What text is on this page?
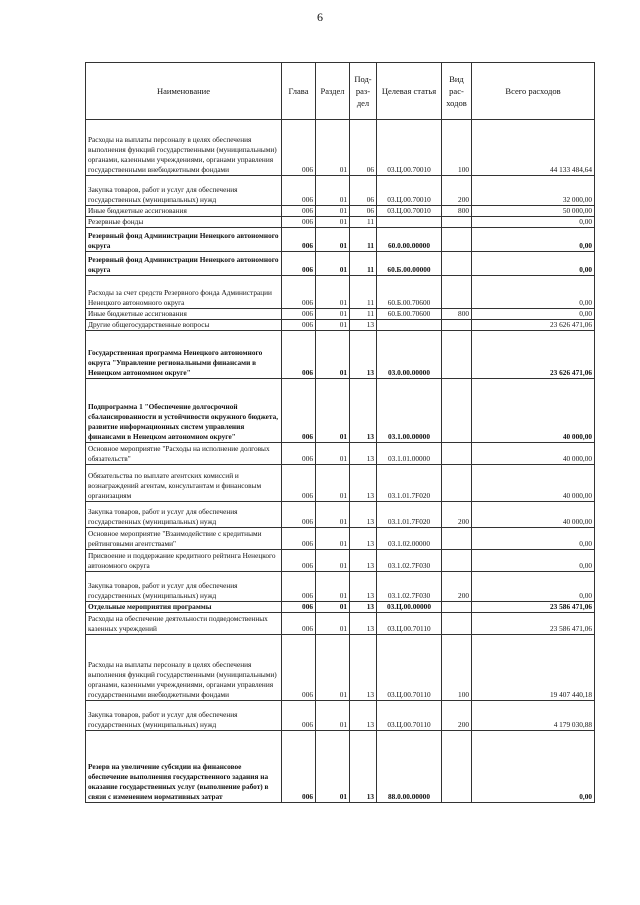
6
Наименование	Глава	Раздел	Под-раз-дел	Целевая статья	Вид рас-ходов	Всего расходов
Расходы на выплаты персоналу в целях обеспечения выполнения функций государственными (муниципальными) органами, казенными учреждениями, органами управления государственными внебюджетными фондами	006	01	06	03.Ц.00.70010	100	44 133 484,64
Закупка товаров, работ и услуг для обеспечения государственных (муниципальных) нужд	006	01	06	03.Ц.00.70010	200	32 000,00
Иные бюджетные ассигнования	006	01	06	03.Ц.00.70010	800	50 000,00
Резервные фонды	006	01	11			0,00
Резервный фонд Администрации Ненецкого автономного округа	006	01	11	60.0.00.00000		0,00
Резервный фонд Администрации Ненецкого автономного округа	006	01	11	60.Б.00.00000		0,00
Расходы за счет средств Резервного фонда Администрации Ненецкого автономного округа	006	01	11	60.Б.00.70600		0,00
Иные бюджетные ассигнования	006	01	11	60.Б.00.70600	800	0,00
Другие общегосударственные вопросы	006	01	13			23 626 471,06
Государственная программа Ненецкого автономного округа "Управление региональными финансами в Ненецком автономном округе"	006	01	13	03.0.00.00000		23 626 471,06
Подпрограмма 1 "Обеспечение долгосрочной сбалансированности и устойчивости окружного бюджета, развитие информационных систем управления финансами в Ненецком автономном округе"	006	01	13	03.1.00.00000		40 000,00
Основное мероприятие "Расходы на исполнение долговых обязательств"	006	01	13	03.1.01.00000		40 000,00
Обязательства по выплате агентских комиссий и вознаграждений агентам, консультантам и финансовым организациям	006	01	13	03.1.01.7F020		40 000,00
Закупка товаров, работ и услуг для обеспечения государственных (муниципальных) нужд	006	01	13	03.1.01.7F020	200	40 000,00
Основное мероприятие "Взаимодействие с кредитными рейтинговыми агентствами"	006	01	13	03.1.02.00000		0,00
Присвоение и поддержание кредитного рейтинга Ненецкого автономного округа	006	01	13	03.1.02.7F030		0,00
Закупка товаров, работ и услуг для обеспечения государственных (муниципальных) нужд	006	01	13	03.1.02.7F030	200	0,00
Отдельные мероприятия программы	006	01	13	03.Ц.00.00000		23 586 471,06
Расходы на обеспечение деятельности подведомственных казенных учреждений	006	01	13	03.Ц.00.70110		23 586 471,06
Расходы на выплаты персоналу в целях обеспечения выполнения функций государственными (муниципальными) органами, казенными учреждениями, органами управления государственными внебюджетными фондами	006	01	13	03.Ц.00.70110	100	19 407 440,18
Закупка товаров, работ и услуг для обеспечения государственных (муниципальных) нужд	006	01	13	03.Ц.00.70110	200	4 179 030,88
Резерв на увеличение субсидии на финансовое обеспечение выполнения государственного задания на оказание государственных услуг (выполнение работ) в связи с изменением нормативных затрат	006	01	13	88.0.00.00000		0,00
